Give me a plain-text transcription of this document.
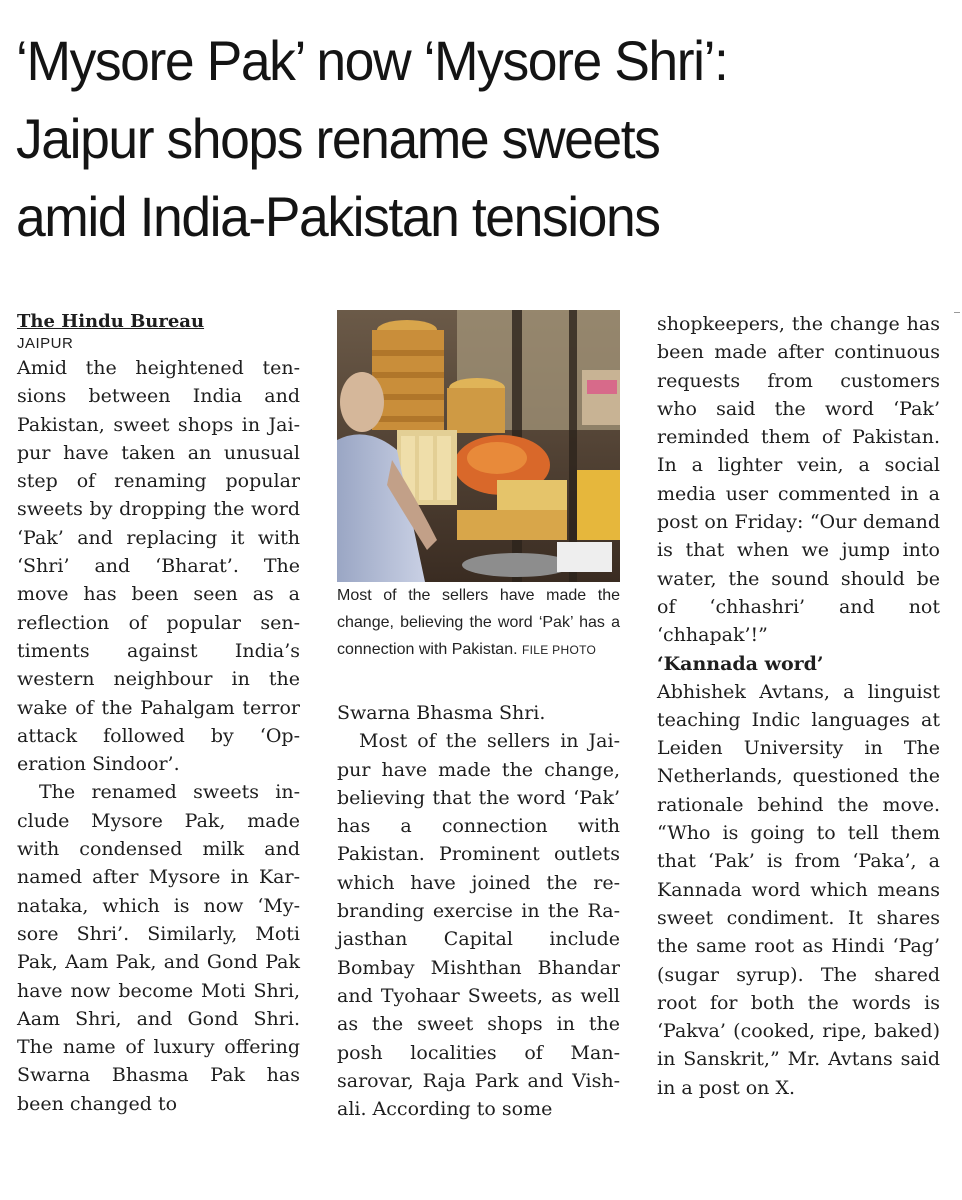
‘Mysore Pak’ now ‘Mysore Shri’:
Jaipur shops rename sweets
amid India-Pakistan tensions

The Hindu Bureau

JAIPUR

Amid the heightened tensions between India and Pakistan, sweet shops in Jaipur have taken an unusual step of renaming popular sweets by dropping the word ‘Pak’ and replacing it with ‘Shri’ and ‘Bharat’. The move has been seen as a reflection of popular sentiments against India’s western neighbour in the wake of the Pahalgam terror attack followed by ‘Operation Sindoor’.

The renamed sweets include Mysore Pak, made with condensed milk and named after Mysore in Karnataka, which is now ‘Mysore Shri’. Similarly, Moti Pak, Aam Pak, and Gond Pak have now become Moti Shri, Aam Shri, and Gond Shri. The name of luxury offering Swarna Bhasma Pak has been changed to

Most of the sellers have made the change, believing the word ‘Pak’ has a connection with Pakistan. FILE PHOTO

Swarna Bhasma Shri.

Most of the sellers in Jaipur have made the change, believing that the word ‘Pak’ has a connection with Pakistan. Prominent outlets which have joined the rebranding exercise in the Rajasthan Capital include Bombay Mishthan Bhandar and Tyohaar Sweets, as well as the sweet shops in the posh localities of Mansarovar, Raja Park and Vishali. According to some

shopkeepers, the change has been made after continuous requests from customers who said the word ‘Pak’ reminded them of Pakistan. In a lighter vein, a social media user commented in a post on Friday: “Our demand is that when we jump into water, the sound should be of ‘chhashri’ and not ‘chhapak’!”

‘Kannada word’

Abhishek Avtans, a linguist teaching Indic languages at Leiden University in The Netherlands, questioned the rationale behind the move. “Who is going to tell them that ‘Pak’ is from ‘Paka’, a Kannada word which means sweet condiment. It shares the same root as Hindi ‘Pag’ (sugar syrup). The shared root for both the words is ‘Pakva’ (cooked, ripe, baked) in Sanskrit,” Mr. Avtans said in a post on X.
